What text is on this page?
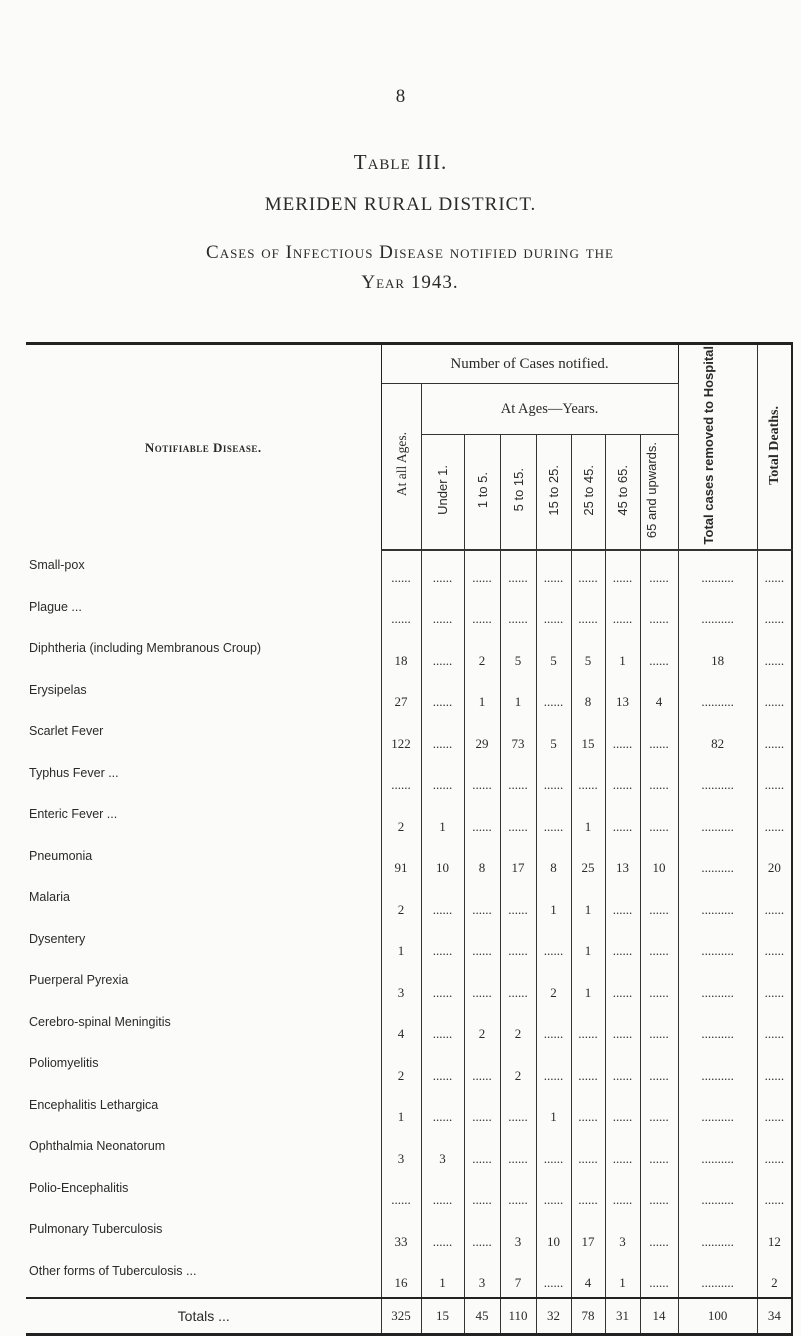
8
Table III.
MERIDEN RURAL DISTRICT.
Cases of Infectious Disease notified during the
Year 1943.
Notifiable Disease.	Number of Cases notified.								Total cases removed to Hospital	Total Deaths.
	At all Ages.	At Ages—Years.								
		Under 1.	1 to 5.	5 to 15.	15 to 25.	25 to 45.	45 to 65.	65 and upwards.		
Small-pox	......	......	......	......	......	......	......	......	..........	......
Plague ...	......	......	......	......	......	......	......	......	..........	......
Diphtheria (including Membranous Croup)	18	......	2	5	5	5	1	......	18	......
Erysipelas	27	......	1	1	......	8	13	4	..........	......
Scarlet Fever	122	......	29	73	5	15	......	......	82	......
Typhus Fever ...	......	......	......	......	......	......	......	......	..........	......
Enteric Fever ...	2	1	......	......	......	1	......	......	..........	......
Pneumonia	91	10	8	17	8	25	13	10	..........	20
Malaria	2	......	......	......	1	1	......	......	..........	......
Dysentery	1	......	......	......	......	1	......	......	..........	......
Puerperal Pyrexia	3	......	......	......	2	1	......	......	..........	......
Cerebro-spinal Meningitis	4	......	2	2	......	......	......	......	..........	......
Poliomyelitis	2	......	......	2	......	......	......	......	..........	......
Encephalitis Lethargica	1	......	......	......	1	......	......	......	..........	......
Ophthalmia Neonatorum	3	3	......	......	......	......	......	......	..........	......
Polio-Encephalitis	......	......	......	......	......	......	......	......	..........	......
Pulmonary Tuberculosis	33	......	......	3	10	17	3	......	..........	12
Other forms of Tuberculosis ...	16	1	3	7	......	4	1	......	..........	2
Totals ...	325	15	45	110	32	78	31	14	100	34
